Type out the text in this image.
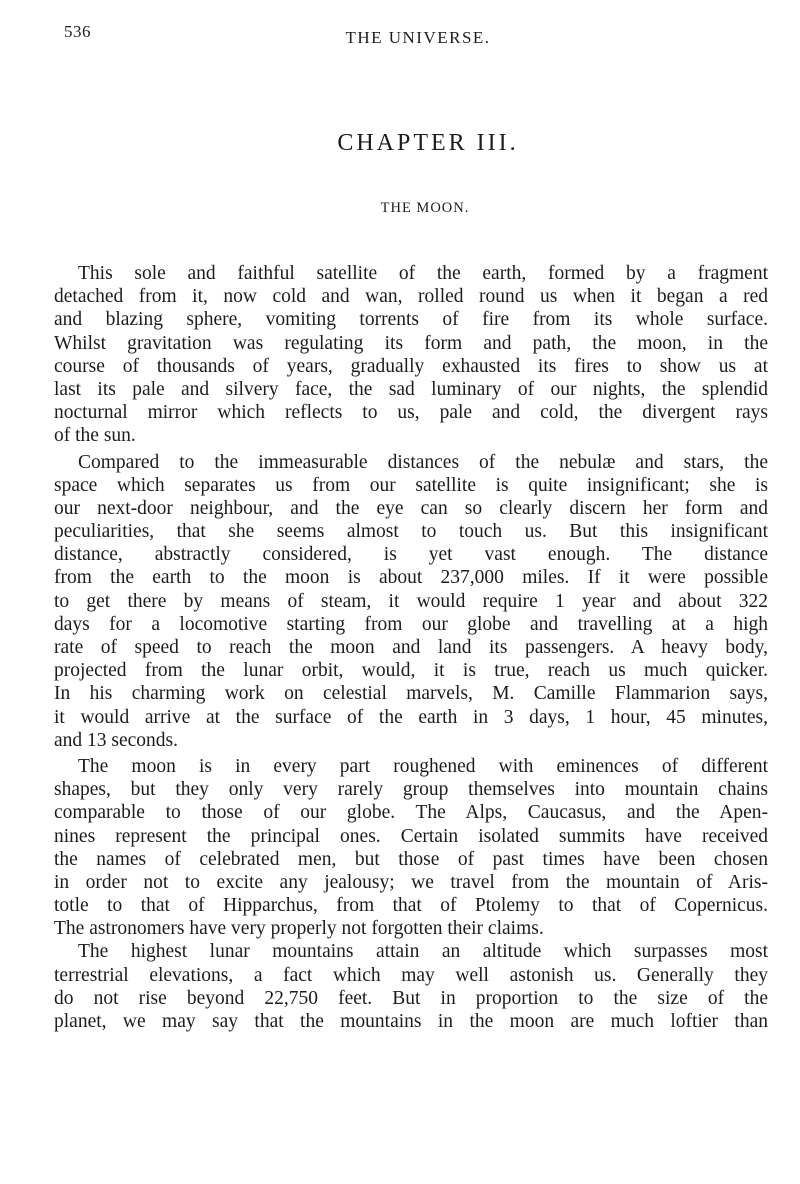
536	THE UNIVERSE.
CHAPTER III.
THE MOON.
This sole and faithful satellite of the earth, formed by a fragment
detached from it, now cold and wan, rolled round us when it began a red
and blazing sphere, vomiting torrents of fire from its whole surface.
Whilst gravitation was regulating its form and path, the moon, in the
course of thousands of years, gradually exhausted its fires to show us at
last its pale and silvery face, the sad luminary of our nights, the splendid
nocturnal mirror which reflects to us, pale and cold, the divergent rays
of the sun.
Compared to the immeasurable distances of the nebulæ and stars, the
space which separates us from our satellite is quite insignificant; she is
our next-door neighbour, and the eye can so clearly discern her form and
peculiarities, that she seems almost to touch us. But this insignificant
distance, abstractly considered, is yet vast enough. The distance
from the earth to the moon is about 237,000 miles. If it were possible
to get there by means of steam, it would require 1 year and about 322
days for a locomotive starting from our globe and travelling at a high
rate of speed to reach the moon and land its passengers. A heavy body,
projected from the lunar orbit, would, it is true, reach us much quicker.
In his charming work on celestial marvels, M. Camille Flammarion says,
it would arrive at the surface of the earth in 3 days, 1 hour, 45 minutes,
and 13 seconds.
The moon is in every part roughened with eminences of different
shapes, but they only very rarely group themselves into mountain chains
comparable to those of our globe. The Alps, Caucasus, and the Apen-
nines represent the principal ones. Certain isolated summits have received
the names of celebrated men, but those of past times have been chosen
in order not to excite any jealousy; we travel from the mountain of Aris-
totle to that of Hipparchus, from that of Ptolemy to that of Copernicus.
The astronomers have very properly not forgotten their claims.
The highest lunar mountains attain an altitude which surpasses most
terrestrial elevations, a fact which may well astonish us. Generally they
do not rise beyond 22,750 feet. But in proportion to the size of the
planet, we may say that the mountains in the moon are much loftier than
